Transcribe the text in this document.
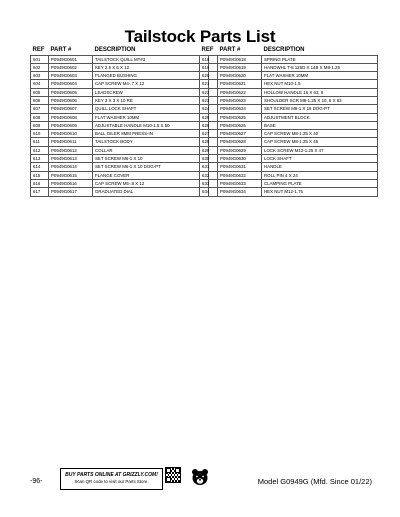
Tailstock Parts List
REF	PART #	DESCRIPTION
601	P0949G0601	TAILSTOCK QUILL MT#3
602	P0949G0602	KEY 2.5 X 6 X 12
603	P0949G0603	FLANGED BUSHING
604	P0949G0604	CAP SCREW M4-.7 X 12
605	P0949G0605	LEADSCREW
606	P0949G0606	KEY 3 X 3 X 10 RE
607	P0949G0607	QUILL LOCK SHAFT
608	P0949G0608	FLAT WASHER 10MM
609	P0949G0609	ADJUSTABLE HANDLE M10-1.5 X 50
610	P0949G0610	BALL OILER 8MM PRESS-IN
611	P0949G0611	TAILSTOCK BODY
612	P0949G0612	COLLAR
613	P0949G0613	SET SCREW M6-1 X 10
614	P0949G0614	SET SCREW M6-1 X 10 DOG-PT
615	P0949G0615	FLANGE COVER
616	P0949G0616	CAP SCREW M5-.8 X 12
617	P0949G0617	GRADUATED DIAL
REF	PART #	DESCRIPTION
618	P0949G0618	SPRING PLATE
619	P0949G0619	HANDWHL T-8 125D X 14B X M8-1.25
620	P0949G0620	FLAT WASHER 10MM
621	P0949G0621	HEX NUT M10-1.5
622	P0949G0622	HOLLOW HANDLE 16 X 63, 6
623	P0949G0623	SHOULDER SCR M8-1.25 X 10, 6 X 63
624	P0949G0624	SET SCREW M6-1 X 16 DOG-PT
625	P0949G0625	ADJUSTMENT BLOCK
626	P0949G0626	BASE
627	P0949G0627	CAP SCREW M8-1.25 X 40
628	P0949G0628	CAP SCREW M8-1.25 X 45
629	P0949G0629	LOCK SCREW M12-1.25 X 47
630	P0949G0630	LOCK SHAFT
631	P0949G0631	HANDLE
632	P0949G0632	ROLL PIN 4 X 24
633	P0949G0633	CLAMPING PLATE
634	P0949G0634	HEX NUT M12-1.75
-96-
BUY PARTS ONLINE AT GRIZZLY.COM!
Scan QR code to visit our Parts Store.	Model G0949G (Mfd. Since 01/22)
